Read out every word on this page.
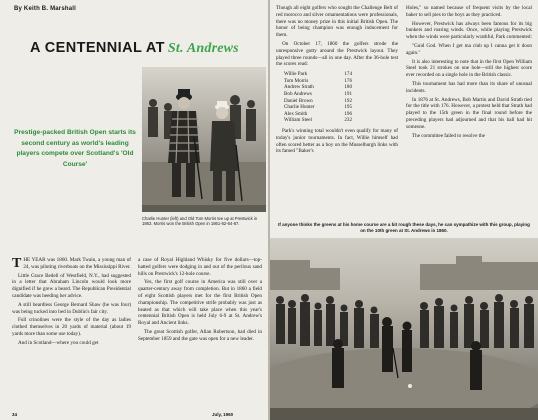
By Keith B. Marshall
A CENTENNIAL AT St. Andrews
Prestige-packed British Open starts its second century as world's leading players compete over Scotland's 'Old Course'
Charlie Hunter (left) and Old Tom Morris tee up at Prestwick in 1863. Morris won the British Open in 1861-62-64-67.

THE YEAR was 1860. Mark Twain, a young man of 24, was piloting riverboats on the Mississippi River.

Little Grace Bedell of Westfield, N.Y., had suggested in a letter that Abraham Lincoln would look more dignified if he grew a beard. The Republican Presidential candidate was heeding her advice.

A still beardless George Bernard Shaw (he was four) was being tucked into bed in Dublin's fair city.

Full crinolines were the style of the day as ladies clothed themselves in 20 yards of material (about 19 yards more than some use today).

And in Scotland—where you could get

a case of Royal Highland Whisky for five dollars—top-hatted golfers were dodging in and out of the perilous sand hills on Prestwick's 12-hole course.

Yes, the first golf course in America was still over a quarter-century away from completion. But in 1860 a field of eight Scottish players met for the first British Open championship. The competitive strife probably was just as heated as that which will take place when this year's centennial British Open is held July 6-9 at St. Andrew's Royal and Ancient links.

The great Scottish golfer, Allan Robertson, had died in September 1859 and the gate was open for a new leader.

34	July, 1960

Though all eight golfers who sought the Challenge Belt of red morocco and silver ornamentations were professionals, there was no money prize in this initial British Open. The honor of being champion was enough inducement for them.

On October 17, 1860 the golfers strode the unresponsive gutty around the Prestwick layout. They played three rounds—all in one day. After the 36-hole test the scores read:

Willie Park	174
Tom Morris	176
Andrew Strath	180
Bob Andrews	191
Daniel Brown	192
Charlie Hunter	195
Alex Smith	196
William Steel	232

Park's winning total wouldn't even qualify for many of today's junior tournaments. In fact, Willie himself had often scored better as a boy on the Musselburgh links with its famed "Baker's

Holes," so named because of frequent visits by the local baker to sell pies to the boys as they practiced.

However, Prestwick has always been famous for its big bunkers and roaring winds. Once, while playing Prestwick when the winds were particularly wrathful, Park commented:

"Guid God. When I get ma club up I canna get it doon again."

It is also interesting to note that in the first Open William Steel took 21 strokes on one hole—still the highest score ever recorded on a single hole in the British classic.

This tournament has had more than its share of unusual incidents.

In 1876 at St. Andrews, Bob Martin and David Strath tied for the title with 176. However, a protest held that Strath had played to the 15th green in the final round before the preceding players had adjourned and that his ball had hit someone.

The committee failed to resolve the

If anyone thinks the greens at his home course are a bit rough these days, he can sympathize with this group, playing on the 10th green at St. Andrews in 1860.
